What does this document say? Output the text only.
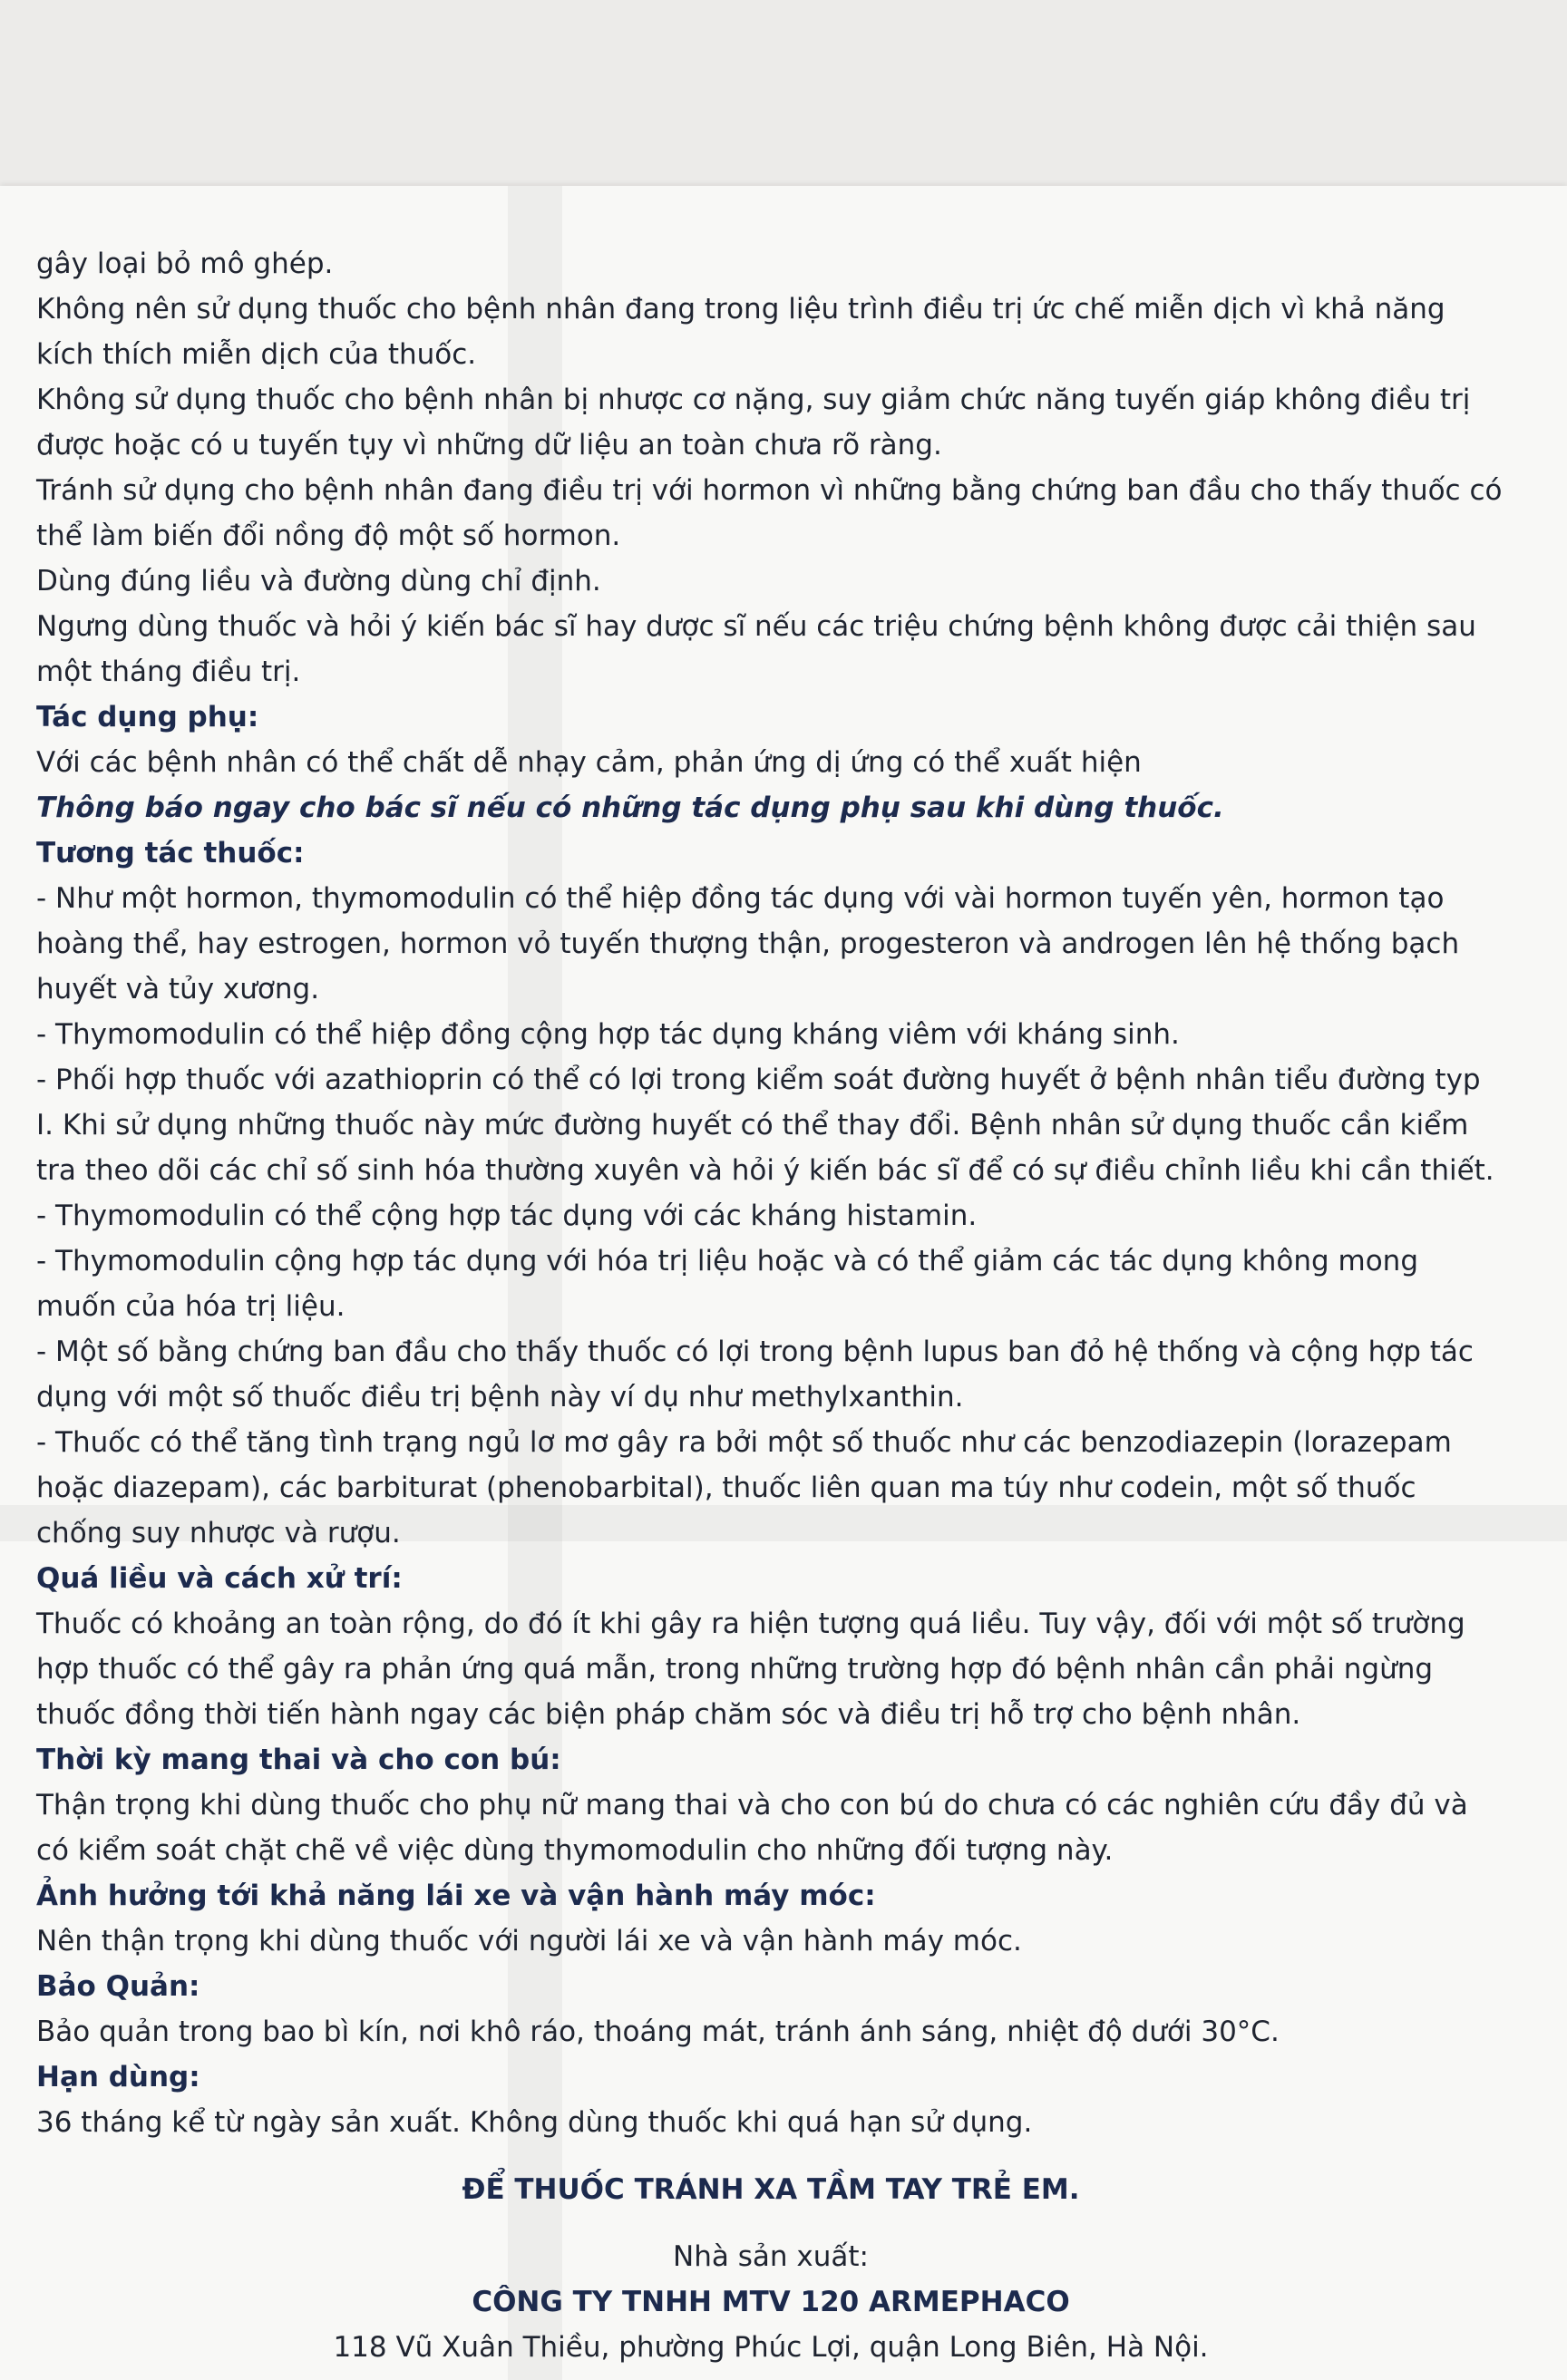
gây loại bỏ mô ghép.

Không nên sử dụng thuốc cho bệnh nhân đang trong liệu trình điều trị ức chế miễn dịch vì khả năng kích thích miễn dịch của thuốc.

Không sử dụng thuốc cho bệnh nhân bị nhược cơ nặng, suy giảm chức năng tuyến giáp không điều trị được hoặc có u tuyến tụy vì những dữ liệu an toàn chưa rõ ràng.

Tránh sử dụng cho bệnh nhân đang điều trị với hormon vì những bằng chứng ban đầu cho thấy thuốc có thể làm biến đổi nồng độ một số hormon.

Dùng đúng liều và đường dùng chỉ định.

Ngưng dùng thuốc và hỏi ý kiến bác sĩ hay dược sĩ nếu các triệu chứng bệnh không được cải thiện sau một tháng điều trị.

Tác dụng phụ:

Với các bệnh nhân có thể chất dễ nhạy cảm, phản ứng dị ứng có thể xuất hiện

Thông báo ngay cho bác sĩ nếu có những tác dụng phụ sau khi dùng thuốc.

Tương tác thuốc:

- Như một hormon, thymomodulin có thể hiệp đồng tác dụng với vài hormon tuyến yên, hormon tạo hoàng thể, hay estrogen, hormon vỏ tuyến thượng thận, progesteron và androgen lên hệ thống bạch huyết và tủy xương.

- Thymomodulin có thể hiệp đồng cộng hợp tác dụng kháng viêm với kháng sinh.

- Phối hợp thuốc với azathioprin có thể có lợi trong kiểm soát đường huyết ở bệnh nhân tiểu đường typ I. Khi sử dụng những thuốc này mức đường huyết có thể thay đổi. Bệnh nhân sử dụng thuốc cần kiểm tra theo dõi các chỉ số sinh hóa thường xuyên và hỏi ý kiến bác sĩ để có sự điều chỉnh liều khi cần thiết.

- Thymomodulin có thể cộng hợp tác dụng với các kháng histamin.

- Thymomodulin cộng hợp tác dụng với hóa trị liệu hoặc và có thể giảm các tác dụng không mong muốn của hóa trị liệu.

- Một số bằng chứng ban đầu cho thấy thuốc có lợi trong bệnh lupus ban đỏ hệ thống và cộng hợp tác dụng với một số thuốc điều trị bệnh này ví dụ như methylxanthin.

- Thuốc có thể tăng tình trạng ngủ lơ mơ gây ra bởi một số thuốc như các benzodiazepin (lorazepam hoặc diazepam), các barbiturat (phenobarbital), thuốc liên quan ma túy như codein, một số thuốc chống suy nhược và rượu.

Quá liều và cách xử trí:

Thuốc có khoảng an toàn rộng, do đó ít khi gây ra hiện tượng quá liều. Tuy vậy, đối với một số trường hợp thuốc có thể gây ra phản ứng quá mẫn, trong những trường hợp đó bệnh nhân cần phải ngừng thuốc đồng thời tiến hành ngay các biện pháp chăm sóc và điều trị hỗ trợ cho bệnh nhân.

Thời kỳ mang thai và cho con bú:

Thận trọng khi dùng thuốc cho phụ nữ mang thai và cho con bú do chưa có các nghiên cứu đầy đủ và có kiểm soát chặt chẽ về việc dùng thymomodulin cho những đối tượng này.

Ảnh hưởng tới khả năng lái xe và vận hành máy móc:

Nên thận trọng khi dùng thuốc với người lái xe và vận hành máy móc.

Bảo Quản:

Bảo quản trong bao bì kín, nơi khô ráo, thoáng mát, tránh ánh sáng, nhiệt độ dưới 30°C.

Hạn dùng:

36 tháng kể từ ngày sản xuất. Không dùng thuốc khi quá hạn sử dụng.

ĐỂ THUỐC TRÁNH XA TẦM TAY TRẺ EM.

Nhà sản xuất:

CÔNG TY TNHH MTV 120 ARMEPHACO

118 Vũ Xuân Thiều, phường Phúc Lợi, quận Long Biên, Hà Nội.
